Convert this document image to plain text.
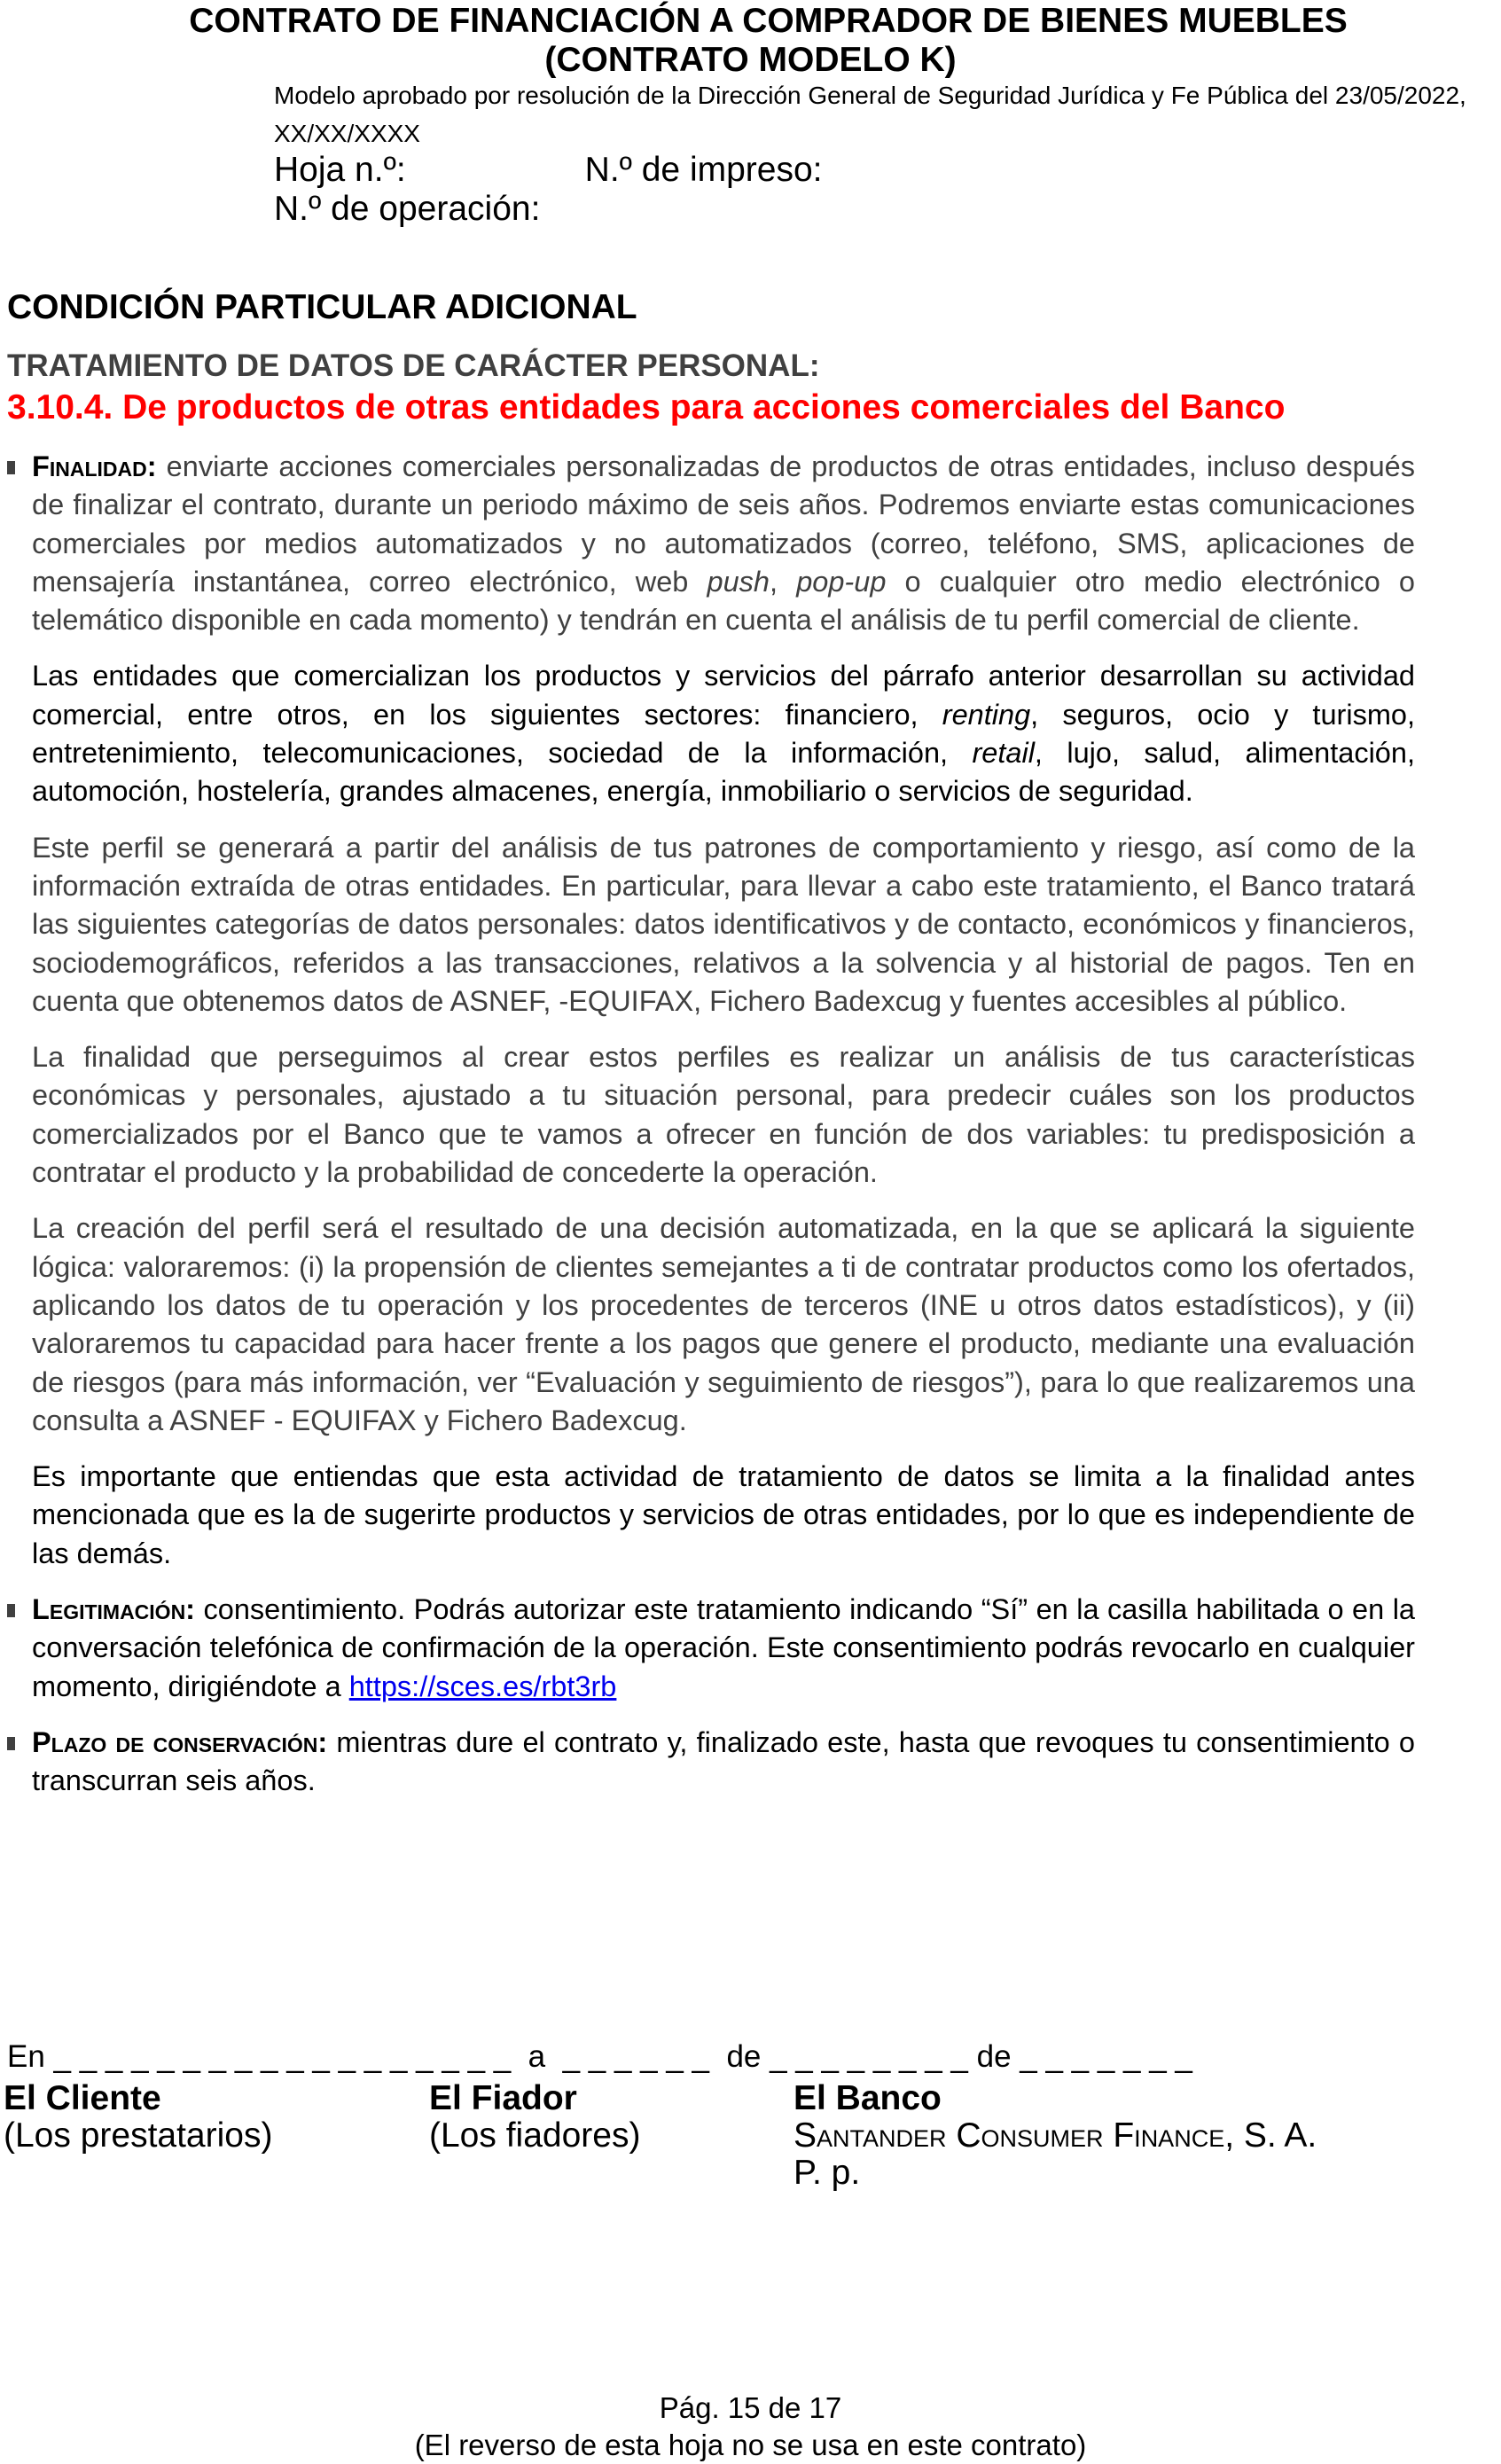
CONTRATO DE FINANCIACIÓN A COMPRADOR DE BIENES MUEBLES
(CONTRATO MODELO K)
Modelo aprobado por resolución de la Dirección General de Seguridad Jurídica y Fe Pública del 23/05/2022, XX/XX/XXXX
Hoja n.º:	N.º de impreso:
N.º de operación:
CONDICIÓN PARTICULAR ADICIONAL
TRATAMIENTO DE DATOS DE CARÁCTER PERSONAL:
3.10.4. De productos de otras entidades para acciones comerciales del Banco

Finalidad: enviarte acciones comerciales personalizadas de productos de otras entidades, incluso después de finalizar el contrato, durante un periodo máximo de seis años. Podremos enviarte estas comunicaciones comerciales por medios automatizados y no automatizados (correo, teléfono, SMS, aplicaciones de mensajería instantánea, correo electrónico, web push, pop-up o cualquier otro medio electrónico o telemático disponible en cada momento) y tendrán en cuenta el análisis de tu perfil comercial de cliente.

Las entidades que comercializan los productos y servicios del párrafo anterior desarrollan su actividad comercial, entre otros, en los siguientes sectores: financiero, renting, seguros, ocio y turismo, entretenimiento, telecomunicaciones, sociedad de la información, retail, lujo, salud, alimentación, automoción, hostelería, grandes almacenes, energía, inmobiliario o servicios de seguridad.

Este perfil se generará a partir del análisis de tus patrones de comportamiento y riesgo, así como de la información extraída de otras entidades. En particular, para llevar a cabo este tratamiento, el Banco tratará las siguientes categorías de datos personales: datos identificativos y de contacto, económicos y financieros, sociodemográficos, referidos a las transacciones, relativos a la solvencia y al historial de pagos. Ten en cuenta que obtenemos datos de ASNEF, -EQUIFAX, Fichero Badexcug y fuentes accesibles al público.

La finalidad que perseguimos al crear estos perfiles es realizar un análisis de tus características económicas y personales, ajustado a tu situación personal, para predecir cuáles son los productos comercializados por el Banco que te vamos a ofrecer en función de dos variables: tu predisposición a contratar el producto y la probabilidad de concederte la operación.

La creación del perfil será el resultado de una decisión automatizada, en la que se aplicará la siguiente lógica: valoraremos: (i) la propensión de clientes semejantes a ti de contratar productos como los ofertados, aplicando los datos de tu operación y los procedentes de terceros (INE u otros datos estadísticos), y (ii) valoraremos tu capacidad para hacer frente a los pagos que genere el producto, mediante una evaluación de riesgos (para más información, ver “Evaluación y seguimiento de riesgos”), para lo que realizaremos una consulta a ASNEF - EQUIFAX y Fichero Badexcug.

Es importante que entiendas que esta actividad de tratamiento de datos se limita a la finalidad antes mencionada que es la de sugerirte productos y servicios de otras entidades, por lo que es independiente de las demás.

Legitimación: consentimiento. Podrás autorizar este tratamiento indicando “Sí” en la casilla habilitada o en la conversación telefónica de confirmación de la operación. Este consentimiento podrás revocarlo en cualquier momento, dirigiéndote a https://sces.es/rbt3rb

Plazo de conservación: mientras dure el contrato y, finalizado este, hasta que revoques tu consentimiento o transcurran seis años.

En _ _ _ _ _ _ _ _ _ _ _ _ _ _ _ _ _ _  a  _ _ _ _ _ _  de _ _ _ _ _ _ _ _ de _ _ _ _ _ _ _
El Cliente
(Los prestatarios)
El Fiador
(Los fiadores)
El Banco
Santander Consumer Finance, S. A.
P. p.
Pág. 15 de 17
(El reverso de esta hoja no se usa en este contrato)
